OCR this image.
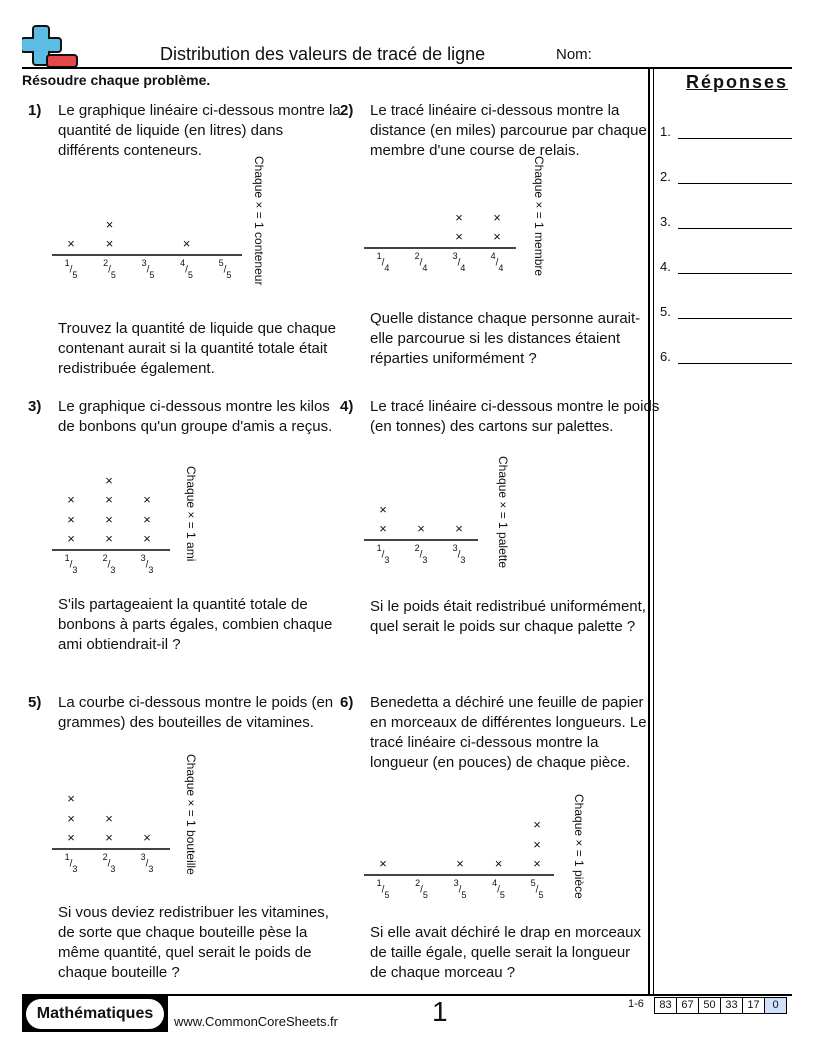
Distribution des valeurs de tracé de ligne	Nom:
Résoudre chaque problème.	Réponses
1.
2.
3.
4.
5.
6.
1) Le graphique linéaire ci-dessous montre la quantité de liquide (en litres) dans différents conteneurs.
Trouvez la quantité de liquide que chaque contenant aurait si la quantité totale était redistribuée également.
$^1/_5$
×
$^2/_5$
×
×
$^3/_5$
$^4/_5$
×
$^5/_5$	Chaque × = 1 conteneur
2) Le tracé linéaire ci-dessous montre la distance (en miles) parcourue par chaque membre d'une course de relais.
Quelle distance chaque personne aurait-elle parcourue si les distances étaient réparties uniformément ?
$^1/_4$
$^2/_4$
$^3/_4$
×
×
$^4/_4$
×
×	Chaque × = 1 membre
3) Le graphique ci-dessous montre les kilos de bonbons qu'un groupe d'amis a reçus.
S'ils partageaient la quantité totale de bonbons à parts égales, combien chaque ami obtiendrait-il ?
$^1/_3$
×
×
×
$^2/_3$
×
×
×
×
$^3/_3$
×
×
×	Chaque × = 1 ami
4) Le tracé linéaire ci-dessous montre le poids (en tonnes) des cartons sur palettes.
Si le poids était redistribué uniformément, quel serait le poids sur chaque palette ?
$^1/_3$
×
×
$^2/_3$
×
$^3/_3$
×	Chaque × = 1 palette
5) La courbe ci-dessous montre le poids (en grammes) des bouteilles de vitamines.
Si vous deviez redistribuer les vitamines, de sorte que chaque bouteille pèse la même quantité, quel serait le poids de chaque bouteille ?
$^1/_3$
×
×
×
$^2/_3$
×
×
$^3/_3$
×	Chaque × = 1 bouteille
6) Benedetta a déchiré une feuille de papier en morceaux de différentes longueurs. Le tracé linéaire ci-dessous montre la longueur (en pouces) de chaque pièce.
Si elle avait déchiré le drap en morceaux de taille égale, quelle serait la longueur de chaque morceau ?
$^1/_5$
×
$^2/_5$
$^3/_5$
×
$^4/_5$
×
$^5/_5$
×
×
×	Chaque × = 1 pièce
Mathématiques	www.CommonCoreSheets.fr	1	1-6	83 67 50 33 17	0
